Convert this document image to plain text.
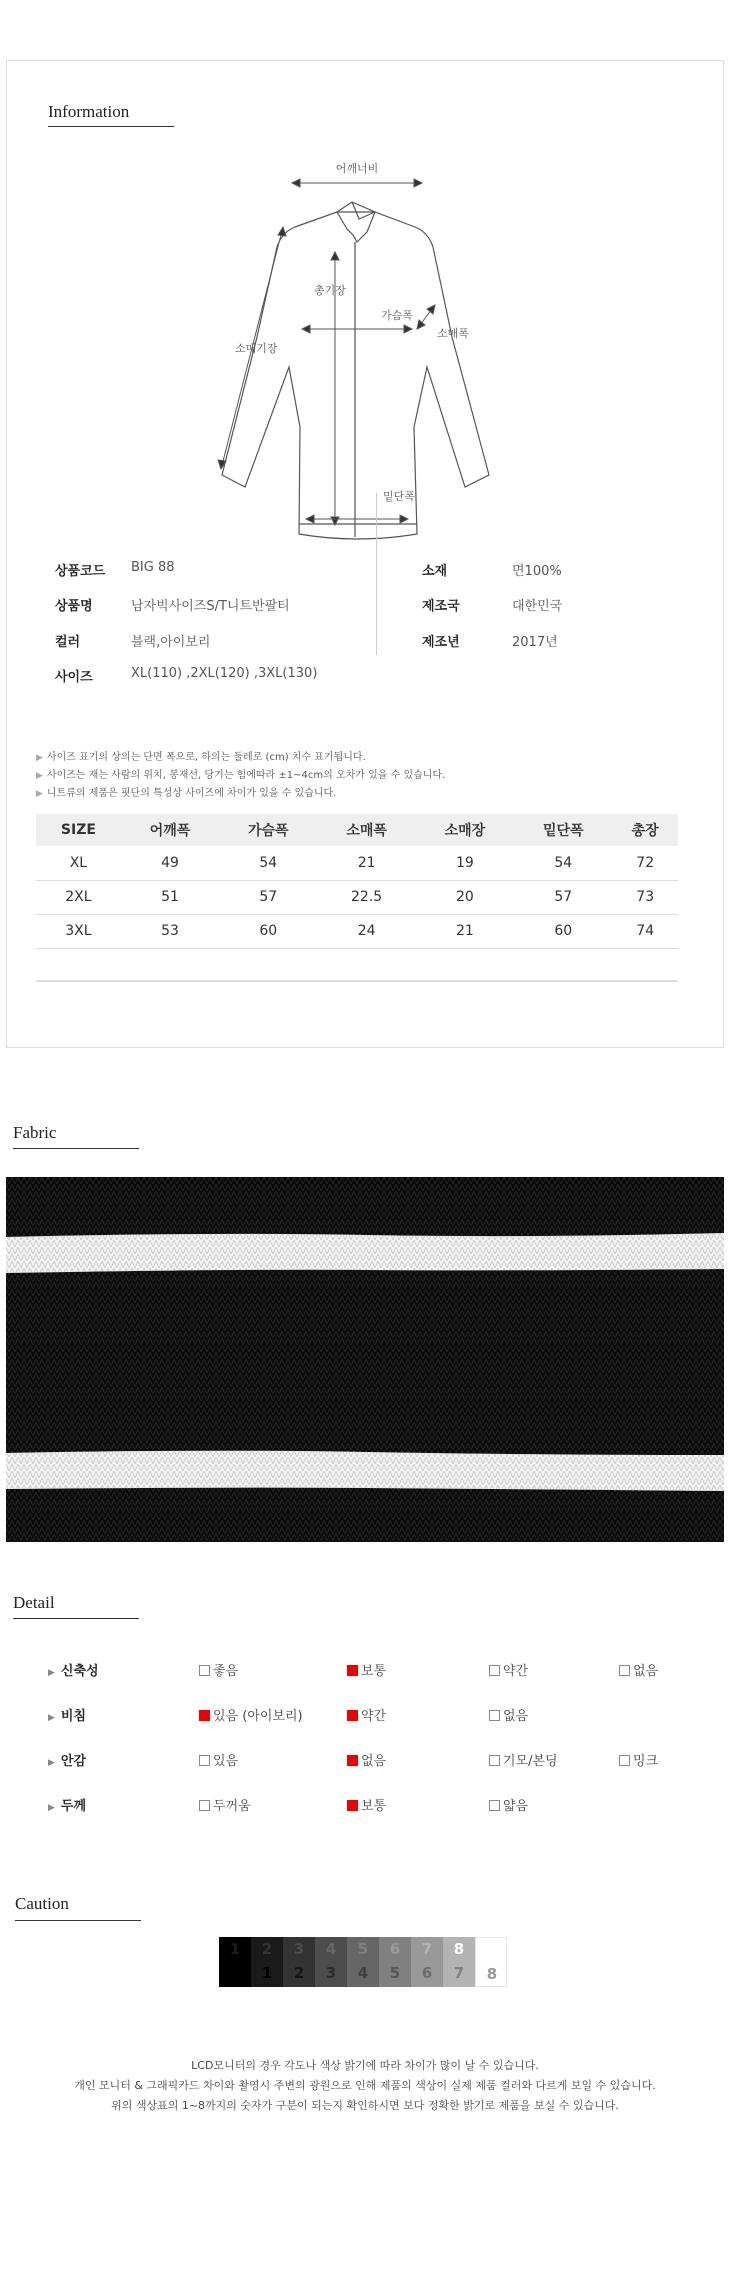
Information
어깨너비
총기장
가슴폭
소매폭
소매기장
밑단폭
상품코드 BIG 88
상품명	남자빅사이즈S/T니트반팔티
컬러	블랙,아이보리
사이즈	XL(110) ,2XL(120) ,3XL(130)
소재	면100%
제조국	대한민국
제조년	2017년
▶ 사이즈 표기의 상의는 단면 폭으로, 하의는 둘레로 (cm) 치수 표기됩니다.
▶ 사이즈는 재는 사람의 위치, 봉재선, 당기는 힘에따라 ±1~4cm의 오차가 있을 수 있습니다.
▶ 니트류의 제품은 핏단의 특성상 사이즈에 차이가 있을 수 있습니다.
SIZE	어깨폭	가슴폭	소매폭	소매장	밑단폭	총장
XL	49	54	21	19	54	72
2XL	51	57	22.5	20	57	73
3XL	53	60	24	21	60	74
Fabric
Detail
▶ 신축성	좋음	보통	약간	없음
▶ 비침	있음 (아이보리)	약간	없음
▶ 안감	있음	없음	기모/본딩	밍크
▶ 두께	두꺼움	보통	얇음
Caution
1	2
1
3
2
4
3
5
4
6
5
7
6
8
7	8
LCD모니터의 경우 각도나 색상 밝기에 따라 차이가 많이 날 수 있습니다.
개인 모니터 & 그래픽카드 차이와 촬영시 주변의 광원으로 인해 제품의 색상이 실제 제품 컬러와 다르게 보일 수 있습니다.
위의 색상표의 1~8까지의 숫자가 구분이 되는지 확인하시면 보다 정확한 밝기로 제품을 보실 수 있습니다.
